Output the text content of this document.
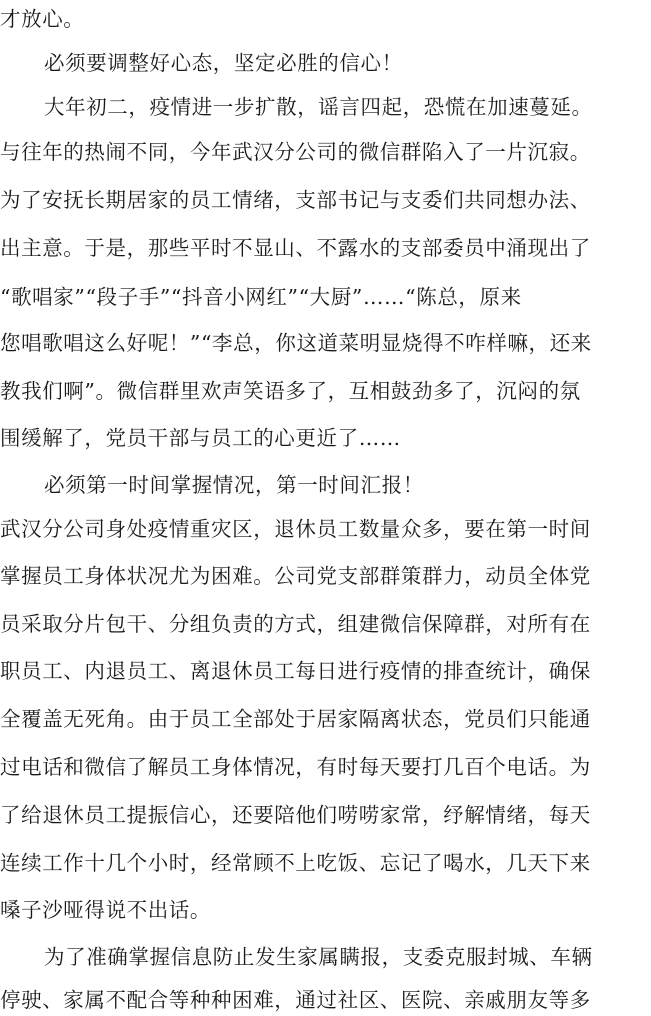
才放心。
必须要调整好心态，坚定必胜的信心！
大年初二，疫情进一步扩散，谣言四起，恐慌在加速蔓延。
与往年的热闹不同，今年武汉分公司的微信群陷入了一片沉寂。
为了安抚长期居家的员工情绪，支部书记与支委们共同想办法、
出主意。于是，那些平时不显山、不露水的支部委员中涌现出了
“歌唱家”“段子手”“抖音小网红”“大厨”……“陈总，原来
您唱歌唱这么好呢！”“李总，你这道菜明显烧得不咋样嘛，还来
教我们啊”。微信群里欢声笑语多了，互相鼓劲多了，沉闷的氛
围缓解了，党员干部与员工的心更近了……
必须第一时间掌握情况，第一时间汇报！
武汉分公司身处疫情重灾区，退休员工数量众多，要在第一时间
掌握员工身体状况尤为困难。公司党支部群策群力，动员全体党
员采取分片包干、分组负责的方式，组建微信保障群，对所有在
职员工、内退员工、离退休员工每日进行疫情的排查统计，确保
全覆盖无死角。由于员工全部处于居家隔离状态，党员们只能通
过电话和微信了解员工身体情况，有时每天要打几百个电话。为
了给退休员工提振信心，还要陪他们唠唠家常，纾解情绪，每天
连续工作十几个小时，经常顾不上吃饭、忘记了喝水，几天下来
嗓子沙哑得说不出话。
为了准确掌握信息防止发生家属瞒报，支委克服封城、车辆
停驶、家属不配合等种种困难，通过社区、医院、亲戚朋友等多
